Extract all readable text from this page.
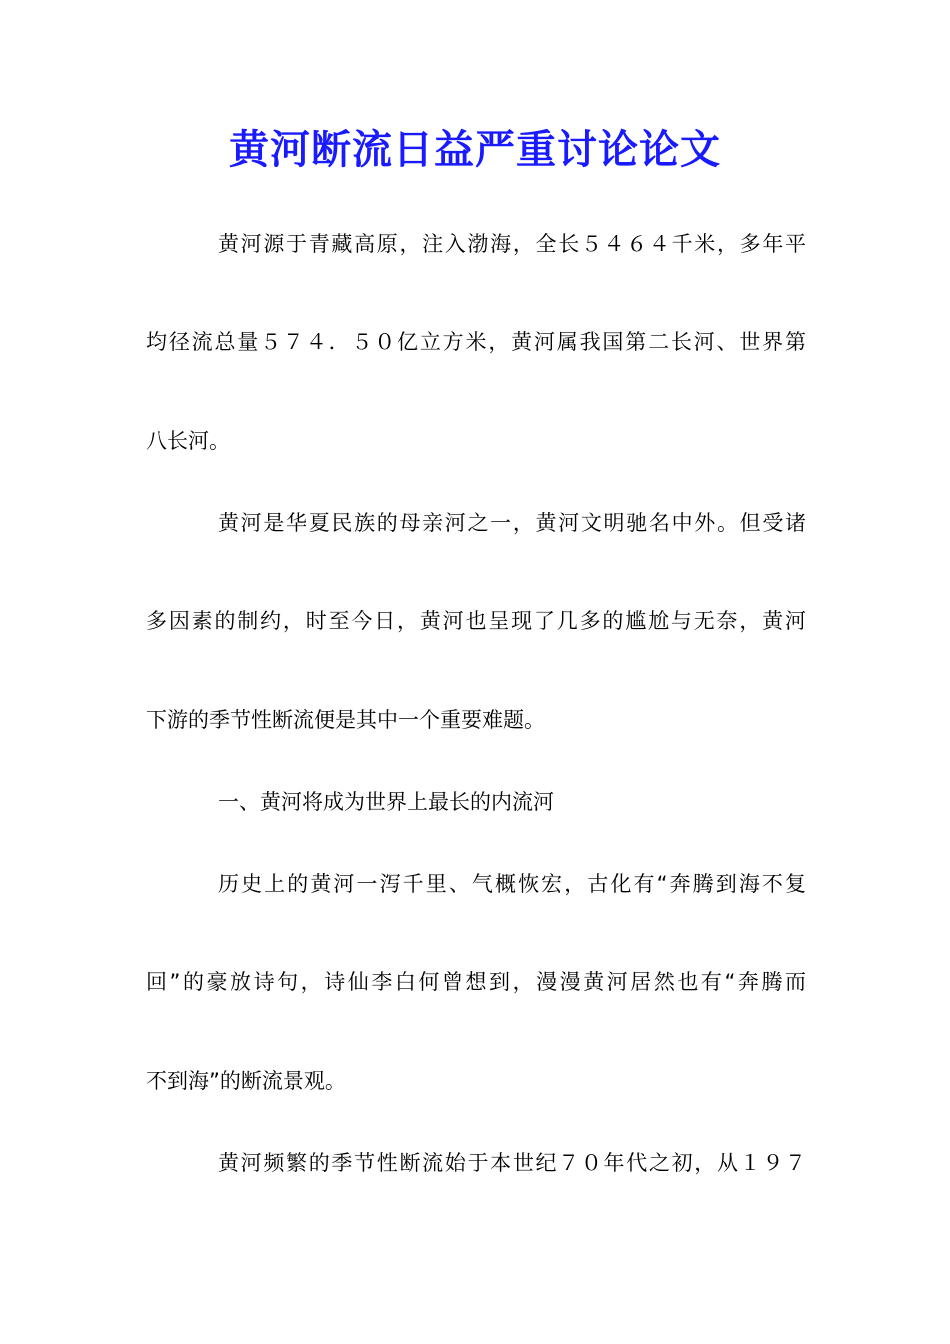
黄河断流日益严重讨论论文
黄河源于青藏高原，注入渤海，全长５４６４千米，多年平
均径流总量５７４．５０亿立方米，黄河属我国第二长河、世界第
八长河。
黄河是华夏民族的母亲河之一，黄河文明驰名中外。但受诸
多因素的制约，时至今日，黄河也呈现了几多的尴尬与无奈，黄河
下游的季节性断流便是其中一个重要难题。
一、黄河将成为世界上最长的内流河
历史上的黄河一泻千里、气概恢宏，古化有“奔腾到海不复
回”的豪放诗句，诗仙李白何曾想到，漫漫黄河居然也有“奔腾而
不到海”的断流景观。
黄河频繁的季节性断流始于本世纪７０年代之初，从１９７
